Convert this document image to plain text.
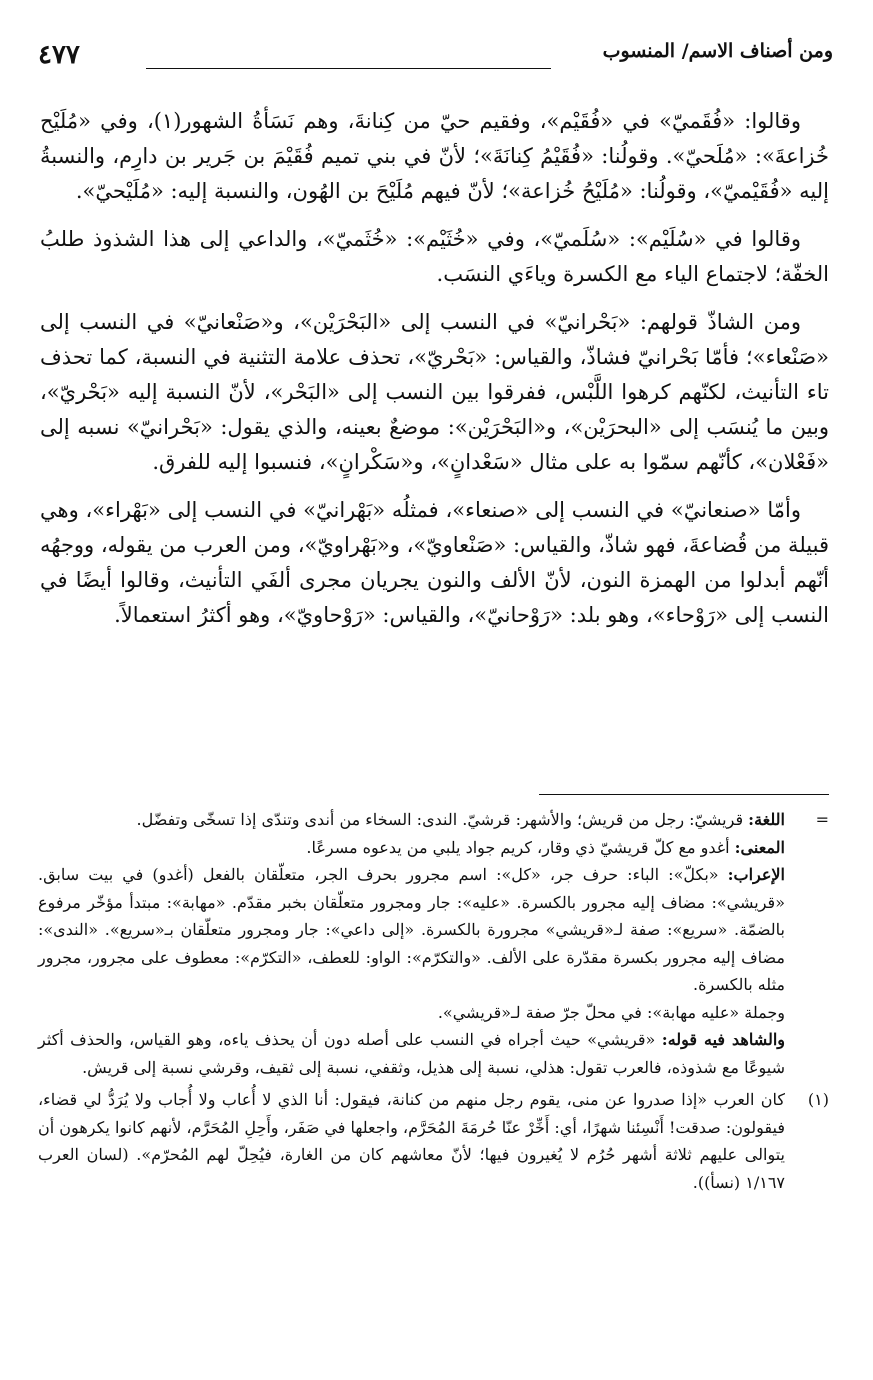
ومن أصناف الاسم/ المنسوب
٤٧٧

وقالوا: «فُقَميّ» في «فُقَيْم»، وفقيم حيّ من كِنانةَ، وهم نَسَأةُ الشهور(١)، وفي «مُلَيْح خُزاعةَ»: «مُلَحيّ». وقولُنا: «فُقَيْمُ كِنانَةَ»؛ لأنّ في بني تميم فُقَيْمَ بن جَرير بن دارِم، والنسبةُ إليه «فُقَيْميّ»، وقولُنا: «مُلَيْحُ خُزاعة»؛ لأنّ فيهم مُلَيْحَ بن الهُون، والنسبة إليه: «مُلَيْحيّ».

وقالوا في «سُلَيْم»: «سُلَميّ»، وفي «خُثَيْم»: «خُثَميّ»، والداعي إلى هذا الشذوذ طلبُ الخفّة؛ لاجتماع الياء مع الكسرة وياءَي النسَب.

ومن الشاذّ قولهم: «بَحْرانيّ» في النسب إلى «البَحْرَيْن»، و«صَنْعانيّ» في النسب إلى «صَنْعاء»؛ فأمّا بَحْرانيّ فشاذّ، والقياس: «بَحْريّ»، تحذف علامة التثنية في النسبة، كما تحذف تاء التأنيث، لكنّهم كرهوا اللَّبْس، ففرقوا بين النسب إلى «البَحْر»، لأنّ النسبة إليه «بَحْريّ»، وبين ما يُنسَب إلى «البحرَيْن»، و«البَحْرَيْن»: موضعٌ بعينه، والذي يقول: «بَحْرانيّ» نسبه إلى «فَعْلان»، كأنّهم سمّوا به على مثال «سَعْدانٍ»، و«سَكْرانٍ»، فنسبوا إليه للفرق.

وأمّا «صنعانيّ» في النسب إلى «صنعاء»، فمثلُه «بَهْرانيّ» في النسب إلى «بَهْراء»، وهي قبيلة من قُضاعةَ، فهو شاذّ، والقياس: «صَنْعاويّ»، و«بَهْراويّ»، ومن العرب من يقوله، ووجهُه أنّهم أبدلوا من الهمزة النون، لأنّ الألف والنون يجريان مجرى ألفَي التأنيث، وقالوا أيضًا في النسب إلى «رَوْحاء»، وهو بلد: «رَوْحانيّ»، والقياس: «رَوْحاويّ»، وهو أكثرُ استعمالاً.

=اللغة: قريشيّ: رجل من قريش؛ والأشهر: قرشيّ. الندى: السخاء من أندى وتندّى إذا تسخّى وتفضّل.

المعنى: أغدو مع كلّ قريشيّ ذي وقار، كريم جواد يلبي من يدعوه مسرعًا.

الإعراب: «بكلّ»: الباء: حرف جر، «كل»: اسم مجرور بحرف الجر، متعلّقان بالفعل (أغدو) في بيت سابق. «قريشي»: مضاف إليه مجرور بالكسرة. «عليه»: جار ومجرور متعلّقان بخبر مقدّم. «مهابة»: مبتدأ مؤخّر مرفوع بالضمّة. «سريع»: صفة لـ«قريشي» مجرورة بالكسرة. «إلى داعي»: جار ومجرور متعلّقان بـ«سريع». «الندى»: مضاف إليه مجرور بكسرة مقدّرة على الألف. «والتكرّم»: الواو: للعطف، «التكرّم»: معطوف على مجرور، مجرور مثله بالكسرة.

وجملة «عليه مهابة»: في محلّ جرّ صفة لـ«قريشي».

والشاهد فيه قوله: «قريشي» حيث أجراه في النسب على أصله دون أن يحذف ياءه، وهو القياس، والحذف أكثر شيوعًا مع شذوذه، فالعرب تقول: هذلي، نسبة إلى هذيل، وثقفي، نسبة إلى ثقيف، وقرشي نسبة إلى قريش.

(١)كان العرب «إذا صدروا عن منى، يقوم رجل منهم من كنانة، فيقول: أنا الذي لا أُعاب ولا أُجاب ولا يُرَدُّ لي قضاء، فيقولون: صدقت! أَنْسِئنا شهرًا، أي: أَخِّرْ عنّا حُرمَةَ المُحَرَّم، واجعلها في صَفَر، وأَحِلِ المُحَرَّم، لأنهم كانوا يكرهون أن يتوالى عليهم ثلاثة أشهر حُرُم لا يُغيرون فيها؛ لأنّ معاشهم كان من الغارة، فيُحِلّ لهم المُحرّم». (لسان العرب ١/١٦٧ (نسأ)).
